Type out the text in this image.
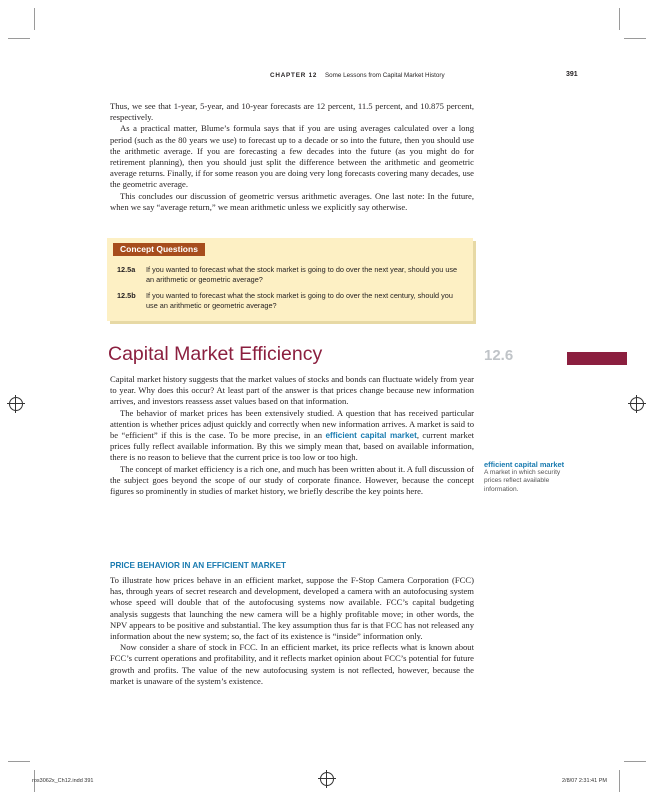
CHAPTER 12 Some Lessons from Capital Market History	391

Thus, we see that 1-year, 5-year, and 10-year forecasts are 12 percent, 11.5 percent, and 10.875 percent, respectively.

As a practical matter, Blume’s formula says that if you are using averages calculated over a long period (such as the 80 years we use) to forecast up to a decade or so into the future, then you should use the arithmetic average. If you are forecasting a few decades into the future (as you might do for retirement planning), then you should just split the difference between the arithmetic and geometric average returns. Finally, if for some reason you are doing very long forecasts covering many decades, use the geometric average.

This concludes our discussion of geometric versus arithmetic averages. One last note: In the future, when we say “average return,” we mean arithmetic unless we explicitly say otherwise.

Concept Questions
12.5a If you wanted to forecast what the stock market is going to do over the next year, should you use an arithmetic or geometric average?
12.5b If you wanted to forecast what the stock market is going to do over the next century, should you use an arithmetic or geometric average?
Capital Market Efficiency	12.6

Capital market history suggests that the market values of stocks and bonds can fluctuate widely from year to year. Why does this occur? At least part of the answer is that prices change because new information arrives, and investors reassess asset values based on that information.

The behavior of market prices has been extensively studied. A question that has received particular attention is whether prices adjust quickly and correctly when new information arrives. A market is said to be “efficient” if this is the case. To be more precise, in an efficient capital market, current market prices fully reflect available information. By this we simply mean that, based on available information, there is no reason to believe that the current price is too low or too high.

The concept of market efficiency is a rich one, and much has been written about it. A full discussion of the subject goes beyond the scope of our study of corporate finance. However, because the concept figures so prominently in studies of market history, we briefly describe the key points here.

efficient capital market
A market in which security prices reflect available information.
PRICE BEHAVIOR IN AN EFFICIENT MARKET

To illustrate how prices behave in an efficient market, suppose the F-Stop Camera Corporation (FCC) has, through years of secret research and development, developed a camera with an autofocusing system whose speed will double that of the autofocusing systems now available. FCC’s capital budgeting analysis suggests that launching the new camera will be a highly profitable move; in other words, the NPV appears to be positive and substantial. The key assumption thus far is that FCC has not released any information about the new system; so, the fact of its existence is “inside” information only.

Now consider a share of stock in FCC. In an efficient market, its price reflects what is known about FCC’s current operations and profitability, and it reflects market opinion about FCC’s potential for future growth and profits. The value of the new autofocusing system is not reflected, however, because the market is unaware of the system’s existence.

ros3062x_Ch12.indd 391	2/8/07 2:31:41 PM
